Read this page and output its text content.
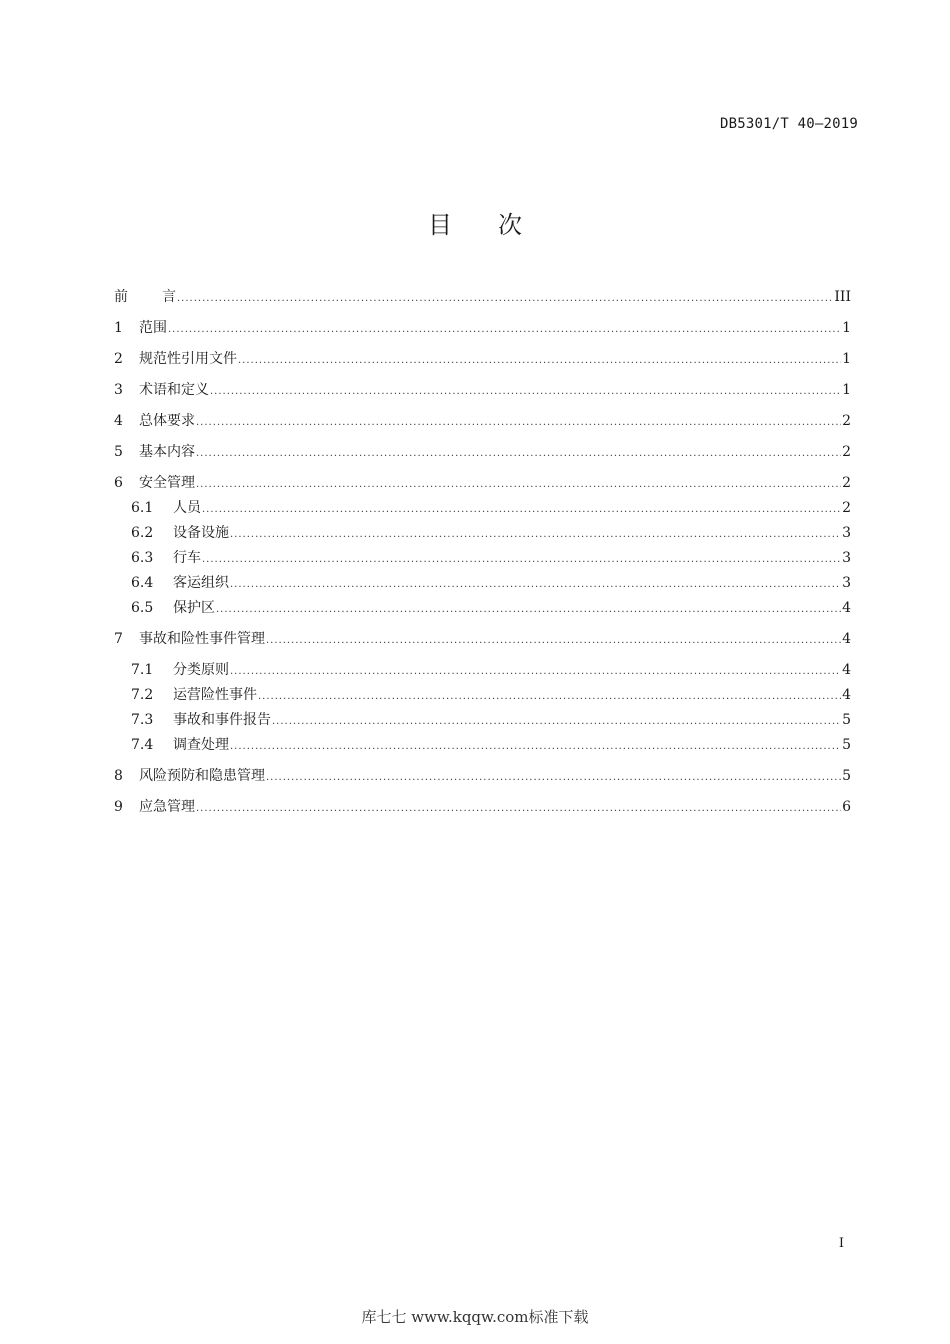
DB5301/T 40—2019
目 次
前	言 .....	III
1	范围 .....	1
2	规范性引用文件 .....	1
3	术语和定义 .....	1
4	总体要求 .....	2
5	基本内容 .....	2
6	安全管理 .....	2
6.1	人员 .....	2
6.2	设备设施 .....	3
6.3	行车 .....	3
6.4	客运组织 .....	3
6.5	保护区 .....	4
7	事故和险性事件管理 .....	4
7.1	分类原则 .....	4
7.2	运营险性事件 .....	4
7.3	事故和事件报告 .....	5
7.4	调查处理 .....	5
8	风险预防和隐患管理 .....	5
9	应急管理 .....	6
I
库七七 www.kqqw.com标准下载
